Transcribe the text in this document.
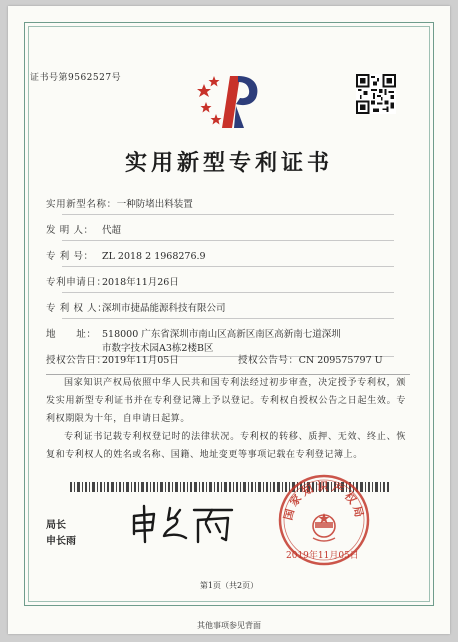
证书号第9562527号
实用新型专利证书
实用新型名称：一种防堵出料装置
发 明 人： 代超
专 利 号： ZL 2018 2 1968276.9
专利申请日：2018年11月26日
专 利 权 人：深圳市捷晶能源科技有限公司
地　　址： 518000 广东省深圳市南山区高新区南区高新南七道深圳
市数字技术园A3栋2楼B区
授权公告日：2019年11月05日	授权公告号：CN 209575797 U
国家知识产权局依照中华人民共和国专利法经过初步审查，决定授予专利权，颁发实用新型专利证书并在专利登记簿上予以登记。专利权自授权公告之日起生效。专利权期限为十年，自申请日起算。
专利证书记载专利权登记时的法律状况。专利权的转移、质押、无效、终止、恢复和专利权人的姓名或名称、国籍、地址变更等事项记载在专利登记簿上。
局长
申长雨
国家知识产权局
2019年11月05日
第1页（共2页）
其他事项参见背面
